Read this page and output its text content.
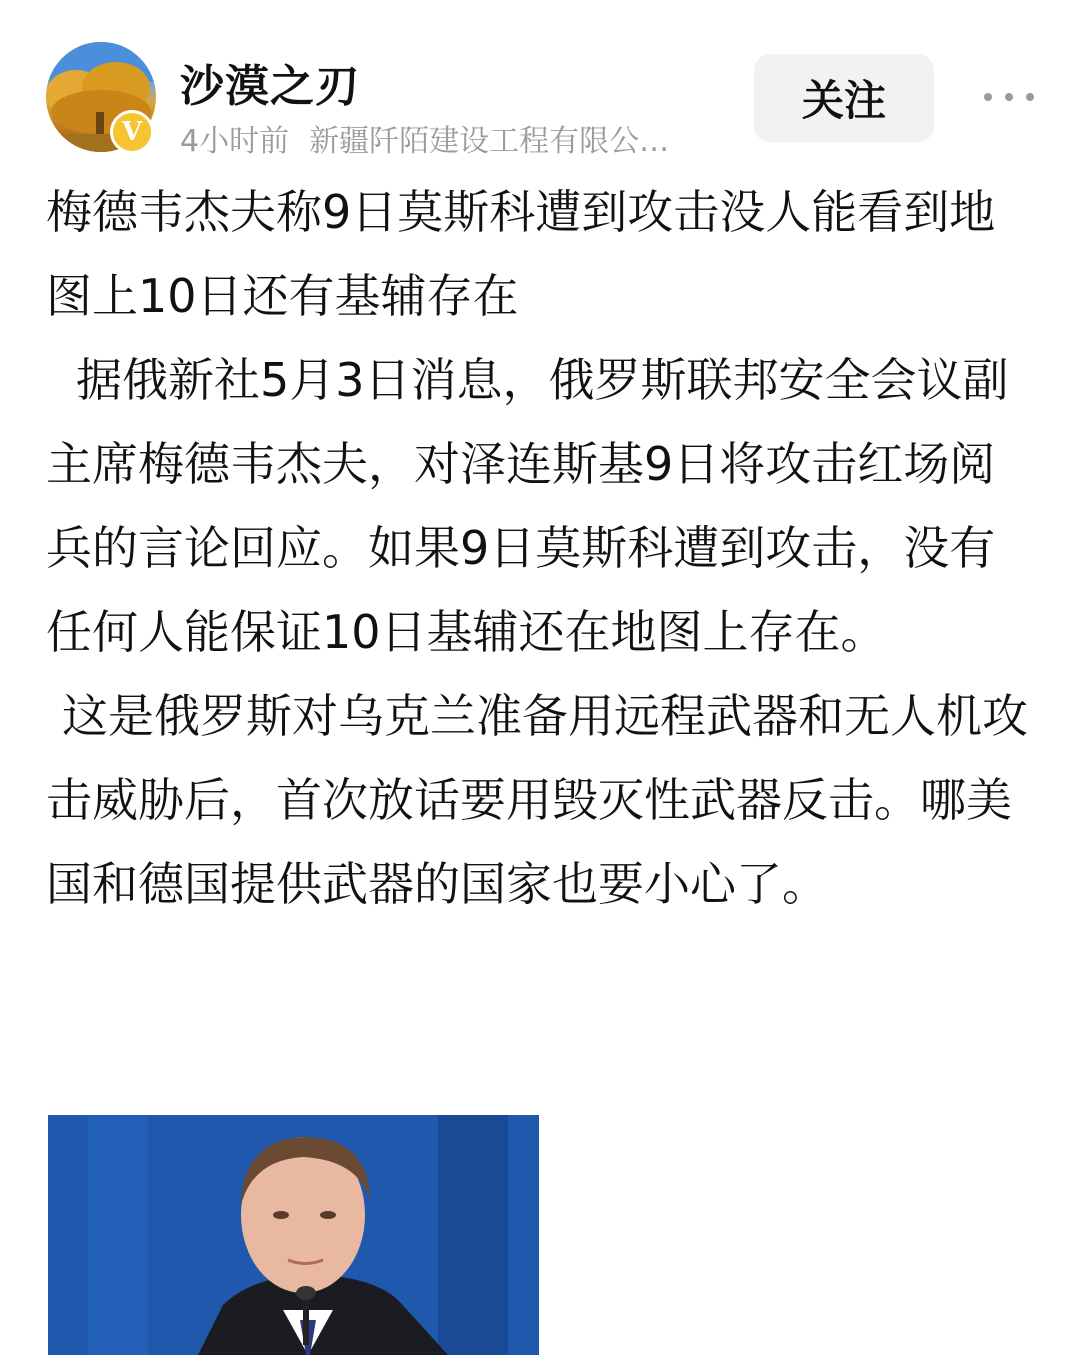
V
沙漠之刃
4小时前 新疆阡陌建设工程有限公…
关注

梅德韦杰夫称9日莫斯科遭到攻击没人能看到地图上10日还有基辅存在

据俄新社5月3日消息，俄罗斯联邦安全会议副主席梅德韦杰夫，对泽连斯基9日将攻击红场阅兵的言论回应。如果9日莫斯科遭到攻击，没有任何人能保证10日基辅还在地图上存在。

这是俄罗斯对乌克兰准备用远程武器和无人机攻击威胁后，首次放话要用毁灭性武器反击。哪美国和德国提供武器的国家也要小心了。
